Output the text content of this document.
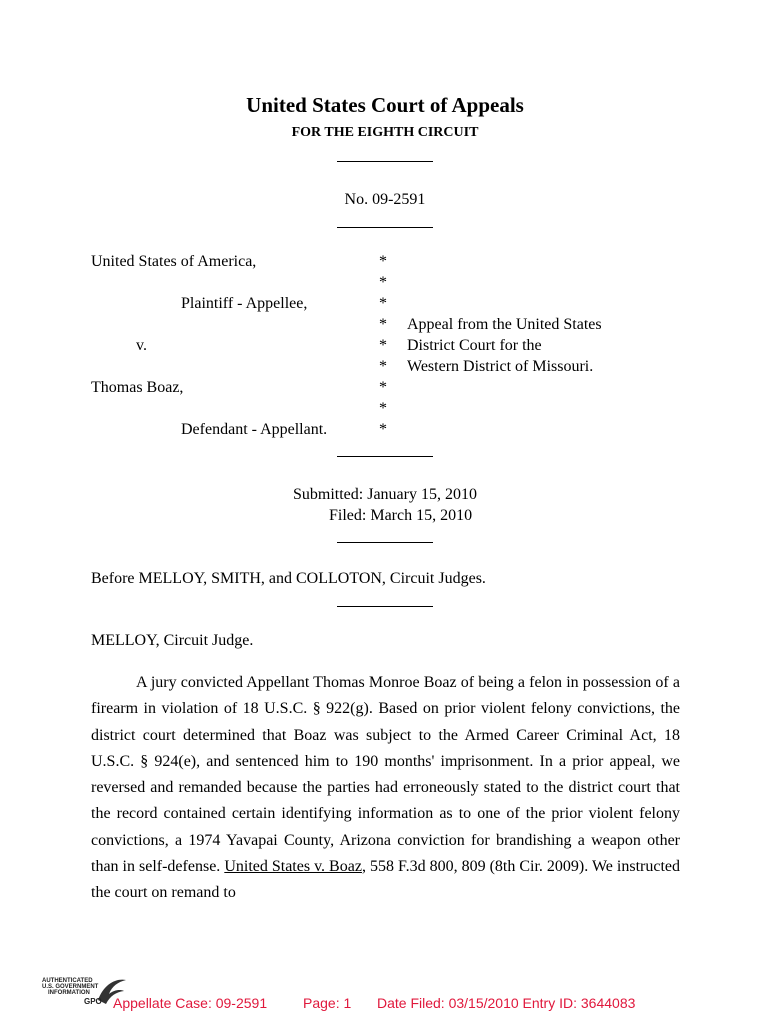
United States Court of Appeals
FOR THE EIGHTH CIRCUIT
No. 09-2591
United States of America,
Plaintiff - Appellee,
v.
Thomas Boaz,
Defendant - Appellant.
*
*
*
*
*
*
*
*
*
Appeal from the United States
District Court for the
Western District of Missouri.
Submitted: January 15, 2010
Filed: March 15, 2010
Before MELLOY, SMITH, and COLLOTON, Circuit Judges.
MELLOY, Circuit Judge.

A jury convicted Appellant Thomas Monroe Boaz of being a felon in possession of a firearm in violation of 18 U.S.C. § 922(g). Based on prior violent felony convictions, the district court determined that Boaz was subject to the Armed Career Criminal Act, 18 U.S.C. § 924(e), and sentenced him to 190 months' imprisonment. In a prior appeal, we reversed and remanded because the parties had erroneously stated to the district court that the record contained certain identifying information as to one of the prior violent felony convictions, a 1974 Yavapai County, Arizona conviction for brandishing a weapon other than in self-defense. United States v. Boaz, 558 F.3d 800, 809 (8th Cir. 2009). We instructed the court on remand to

AUTHENTICATED
U.S. GOVERNMENT
INFORMATION
GPO Appellate Case: 09-2591	Page: 1 Date Filed: 03/15/2010 Entry ID: 3644083
